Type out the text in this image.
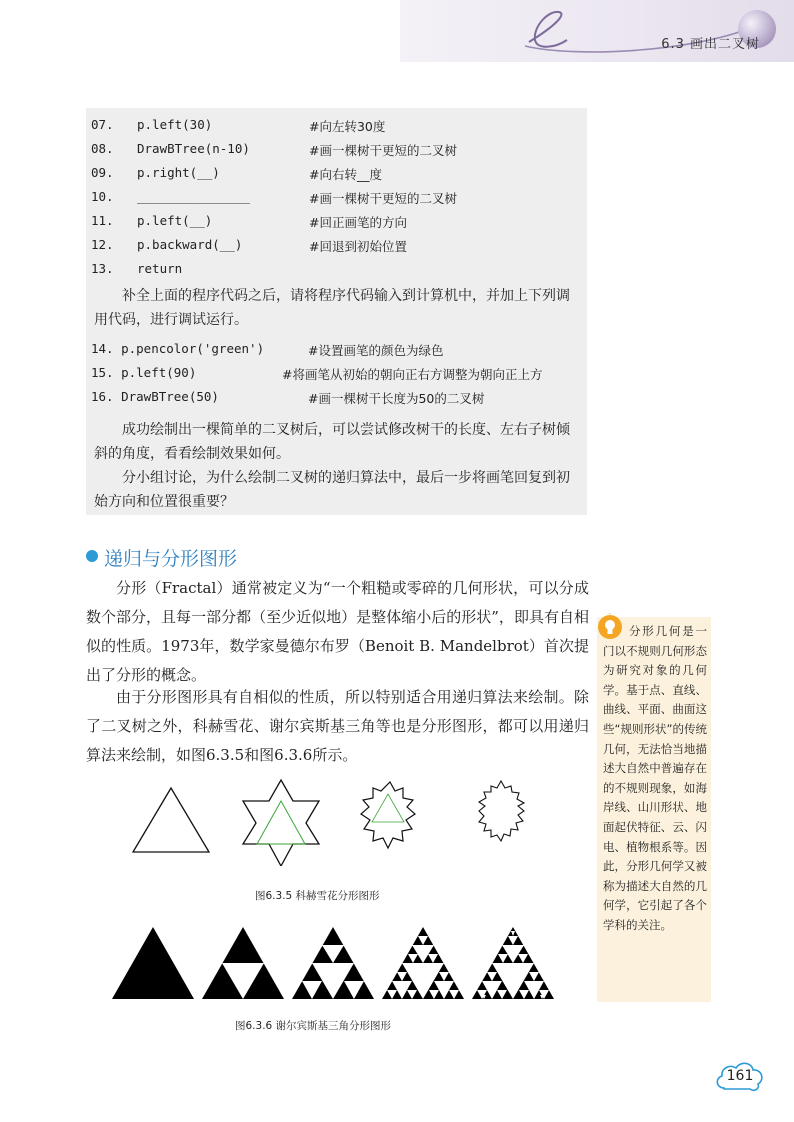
6.3 画出二叉树
07. p.left(30)	#向左转30度
08. DrawBTree(n-10)	#画一棵树干更短的二叉树
09. p.right(__)	#向右转__度
10. _______________	#画一棵树干更短的二叉树
11. p.left(__)	#回正画笔的方向
12. p.backward(__)	#回退到初始位置
13. return
补全上面的程序代码之后，请将程序代码输入到计算机中，并加上下列调用代码，进行调试运行。
14. p.pencolor('green')	#设置画笔的颜色为绿色
15. p.left(90)	#将画笔从初始的朝向正右方调整为朝向正上方
16. DrawBTree(50)	#画一棵树干长度为50的二叉树
成功绘制出一棵简单的二叉树后，可以尝试修改树干的长度、左右子树倾斜的角度，看看绘制效果如何。
分小组讨论，为什么绘制二叉树的递归算法中，最后一步将画笔回复到初始方向和位置很重要？
递归与分形图形
分形（Fractal）通常被定义为“一个粗糙或零碎的几何形状，可以分成数个部分，且每一部分都（至少近似地）是整体缩小后的形状”，即具有自相似的性质。1973年，数学家曼德尔布罗（Benoit B. Mandelbrot）首次提出了分形的概念。
由于分形图形具有自相似的性质，所以特别适合用递归算法来绘制。除了二叉树之外，科赫雪花、谢尔宾斯基三角等也是分形图形，都可以用递归算法来绘制，如图6.3.5和图6.3.6所示。
分形几何是一门以不规则几何形态为研究对象的几何学。基于点、直线、曲线、平面、曲面这些“规则形状”的传统几何，无法恰当地描述大自然中普遍存在的不规则现象，如海岸线、山川形状、地面起伏特征、云、闪电、植物根系等。因此，分形几何学又被称为描述大自然的几何学，它引起了各个学科的关注。
图6.3.5 科赫雪花分形图形
图6.3.6 谢尔宾斯基三角分形图形
161
